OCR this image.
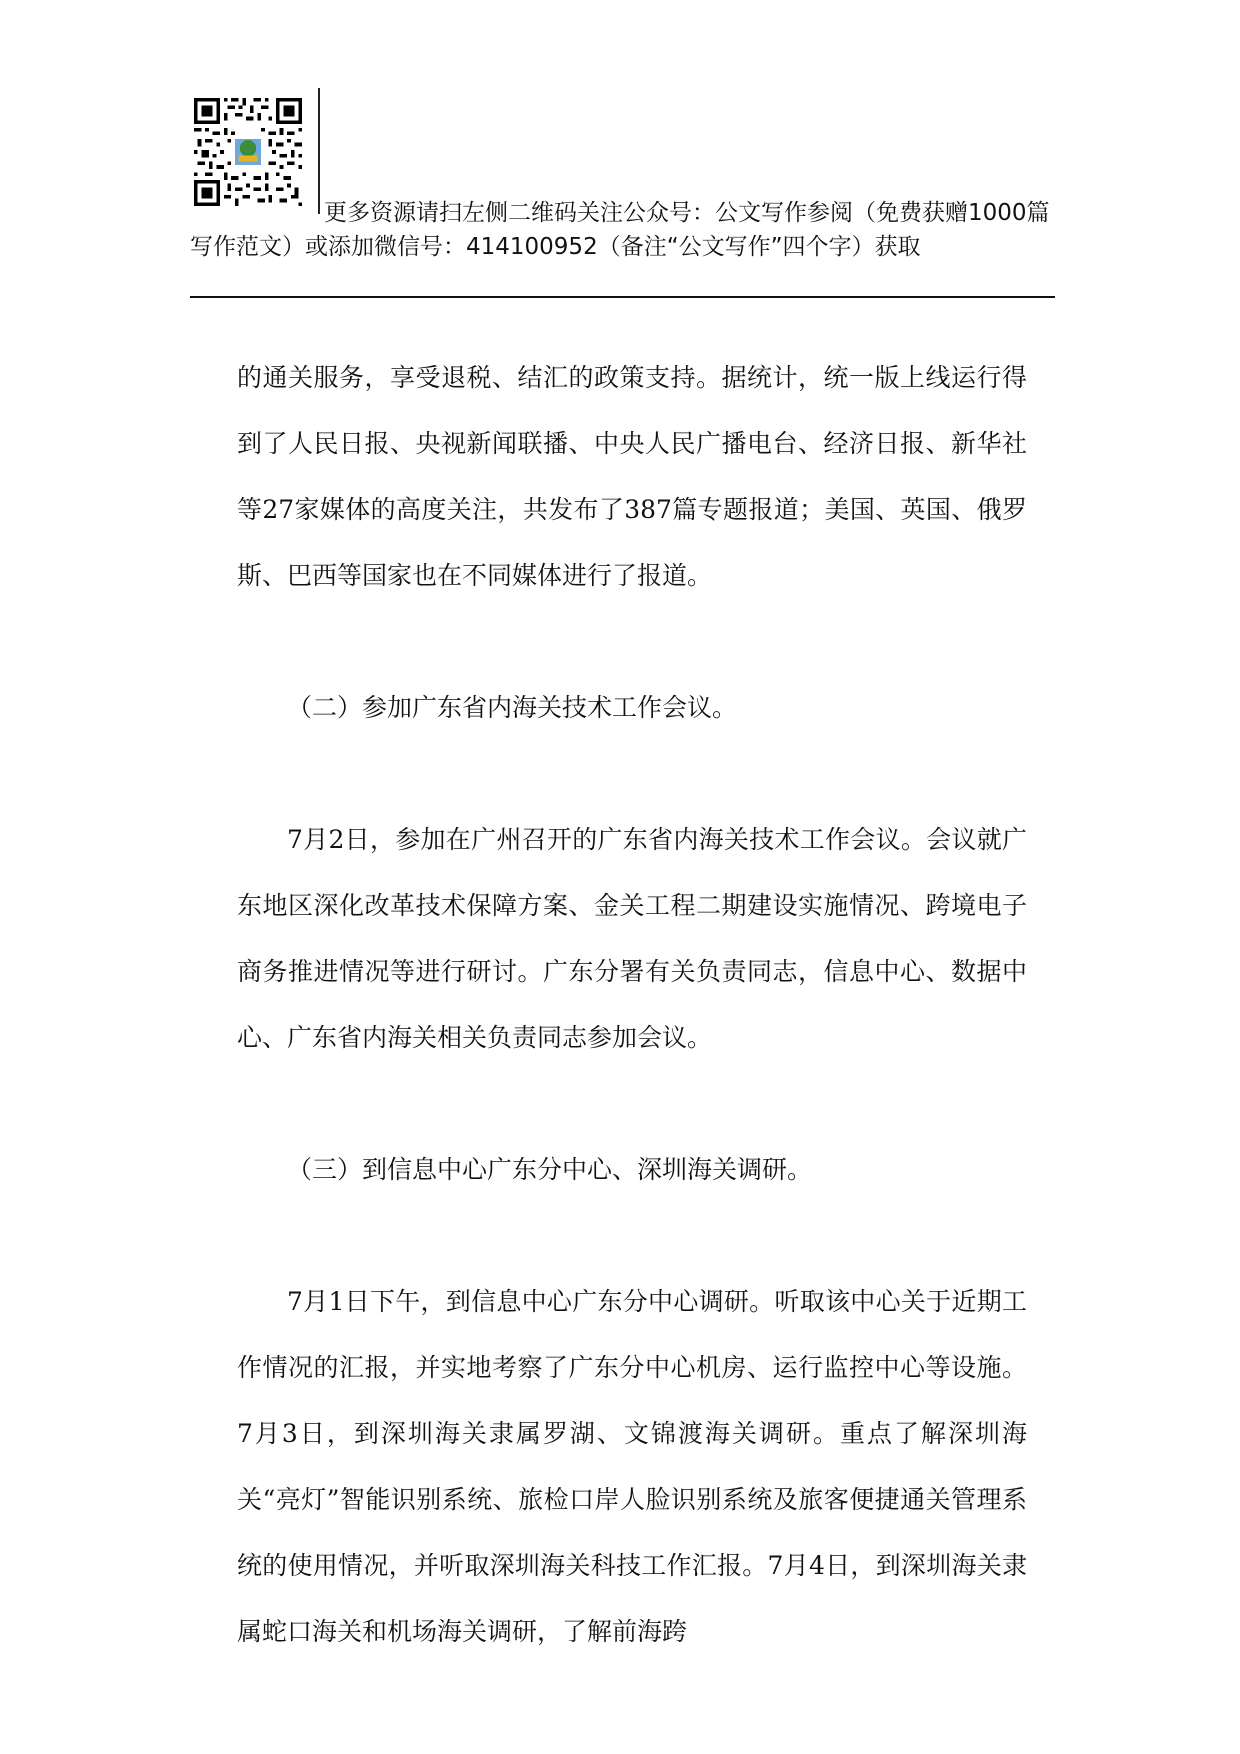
更多资源请扫左侧二维码关注公众号：公文写作参阅（免费获赠1000篇写作范文）或添加微信号：414100952（备注“公文写作”四个字）获取

的通关服务，享受退税、结汇的政策支持。据统计，统一版上线运行得到了人民日报、央视新闻联播、中央人民广播电台、经济日报、新华社等27家媒体的高度关注，共发布了387篇专题报道；美国、英国、俄罗斯、巴西等国家也在不同媒体进行了报道。

（二）参加广东省内海关技术工作会议。

7月2日，参加在广州召开的广东省内海关技术工作会议。会议就广东地区深化改革技术保障方案、金关工程二期建设实施情况、跨境电子商务推进情况等进行研讨。广东分署有关负责同志，信息中心、数据中心、广东省内海关相关负责同志参加会议。

（三）到信息中心广东分中心、深圳海关调研。

7月1日下午，到信息中心广东分中心调研。听取该中心关于近期工作情况的汇报，并实地考察了广东分中心机房、运行监控中心等设施。7月3日，到深圳海关隶属罗湖、文锦渡海关调研。重点了解深圳海关“亮灯”智能识别系统、旅检口岸人脸识别系统及旅客便捷通关管理系统的使用情况，并听取深圳海关科技工作汇报。7月4日，到深圳海关隶属蛇口海关和机场海关调研，了解前海跨
